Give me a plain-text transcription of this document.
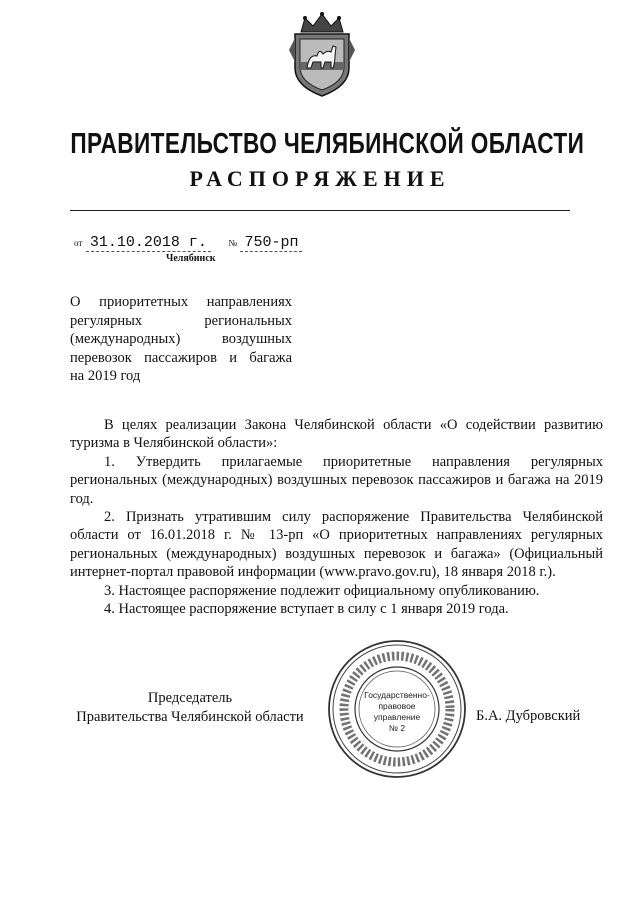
ПРАВИТЕЛЬСТВО ЧЕЛЯБИНСКОЙ ОБЛАСТИ
РАСПОРЯЖЕНИЕ
от 31.10.2018 г. № 750-рп
Челябинск
О приоритетных направлениях
регулярных региональных
(международных) воздушных
перевозок пассажиров и багажа
на 2019 год

В целях реализации Закона Челябинской области «О содействии развитию туризма в Челябинской области»:

1. Утвердить прилагаемые приоритетные направления регулярных региональных (международных) воздушных перевозок пассажиров и багажа на 2019 год.

2. Признать утратившим силу распоряжение Правительства Челябинской области от 16.01.2018 г. № 13-рп «О приоритетных направлениях регулярных региональных (международных) воздушных перевозок и багажа» (Официальный интернет-портал правовой информации (www.pravo.gov.ru), 18 января 2018 г.).

3. Настоящее распоряжение подлежит официальному опубликованию.

4. Настоящее распоряжение вступает в силу с 1 января 2019 года.

Председатель
Правительства Челябинской области
Государственно-
правовое
управление
№ 2
Б.А. Дубровский
